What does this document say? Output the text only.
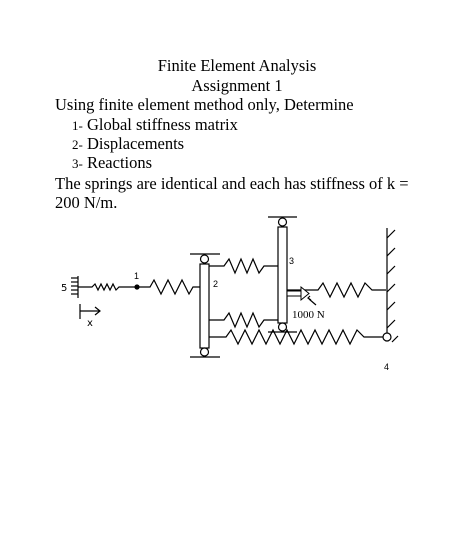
Finite Element Analysis
Assignment 1
Using finite element method only, Determine
1- Global stiffness matrix
2- Displacements
3- Reactions
The springs are identical and each has stiffness of k =
200 N/m.
5
1
x
2
3
1000 N
4
